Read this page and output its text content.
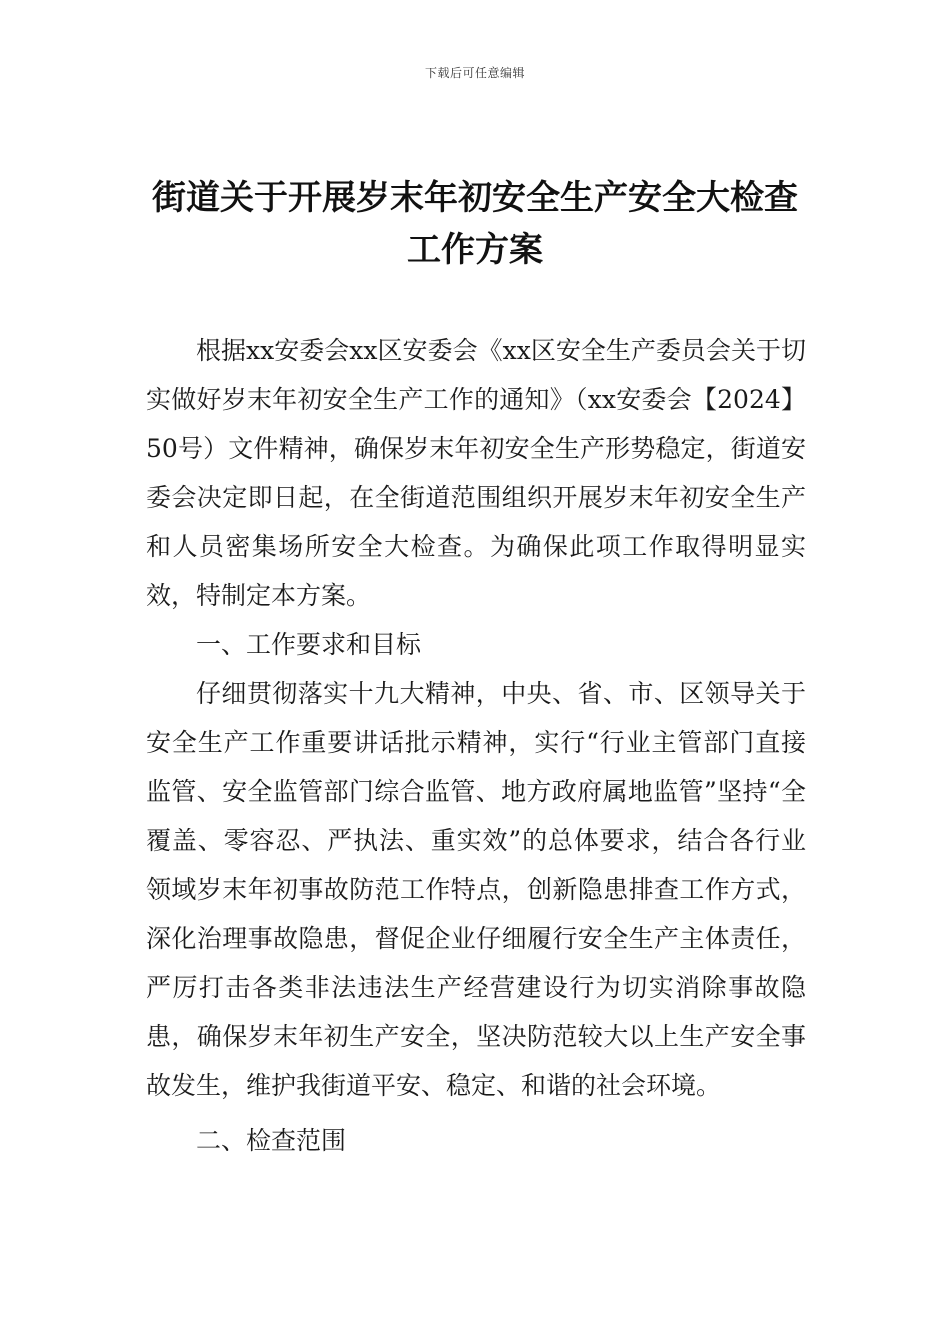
下载后可任意编辑
街道关于开展岁末年初安全生产安全大检查工作方案

根据xx安委会xx区安委会《xx区安全生产委员会关于切实做好岁末年初安全生产工作的通知》（xx安委会【2024】50号）文件精神，确保岁末年初安全生产形势稳定，街道安委会决定即日起，在全街道范围组织开展岁末年初安全生产和人员密集场所安全大检查。为确保此项工作取得明显实效，特制定本方案。

一、工作要求和目标

仔细贯彻落实十九大精神，中央、省、市、区领导关于安全生产工作重要讲话批示精神，实行“行业主管部门直接监管、安全监管部门综合监管、地方政府属地监管”坚持“全覆盖、零容忍、严执法、重实效”的总体要求，结合各行业领域岁末年初事故防范工作特点，创新隐患排查工作方式，深化治理事故隐患，督促企业仔细履行安全生产主体责任，严厉打击各类非法违法生产经营建设行为切实消除事故隐患，确保岁末年初生产安全，坚决防范较大以上生产安全事故发生，维护我街道平安、稳定、和谐的社会环境。

二、检查范围
